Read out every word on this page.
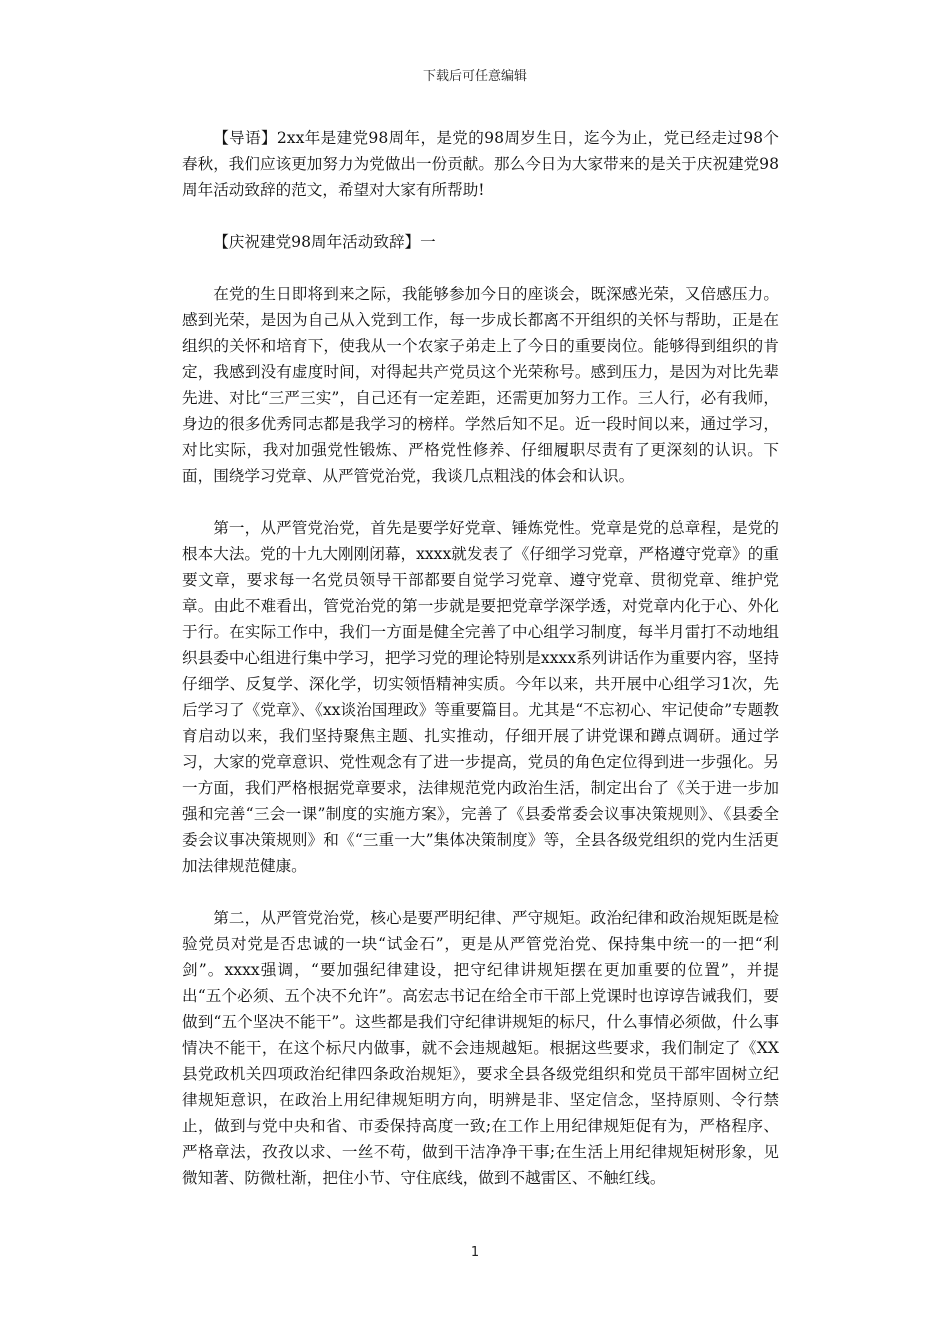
下载后可任意编辑

【导语】2xx年是建党98周年，是党的98周岁生日，迄今为止，党已经走过98个春秋，我们应该更加努力为党做出一份贡献。那么今日为大家带来的是关于庆祝建党98周年活动致辞的范文，希望对大家有所帮助!

【庆祝建党98周年活动致辞】一

在党的生日即将到来之际，我能够参加今日的座谈会，既深感光荣，又倍感压力。感到光荣，是因为自己从入党到工作，每一步成长都离不开组织的关怀与帮助，正是在组织的关怀和培育下，使我从一个农家子弟走上了今日的重要岗位。能够得到组织的肯定，我感到没有虚度时间，对得起共产党员这个光荣称号。感到压力，是因为对比先辈先进、对比“三严三实”，自己还有一定差距，还需更加努力工作。三人行，必有我师，身边的很多优秀同志都是我学习的榜样。学然后知不足。近一段时间以来，通过学习，对比实际，我对加强党性锻炼、严格党性修养、仔细履职尽责有了更深刻的认识。下面，围绕学习党章、从严管党治党，我谈几点粗浅的体会和认识。

第一，从严管党治党，首先是要学好党章、锤炼党性。党章是党的总章程，是党的根本大法。党的十九大刚刚闭幕，xxxx就发表了《仔细学习党章，严格遵守党章》的重要文章，要求每一名党员领导干部都要自觉学习党章、遵守党章、贯彻党章、维护党章。由此不难看出，管党治党的第一步就是要把党章学深学透，对党章内化于心、外化于行。在实际工作中，我们一方面是健全完善了中心组学习制度，每半月雷打不动地组织县委中心组进行集中学习，把学习党的理论特别是xxxx系列讲话作为重要内容，坚持仔细学、反复学、深化学，切实领悟精神实质。今年以来，共开展中心组学习1次，先后学习了《党章》、《xx谈治国理政》等重要篇目。尤其是“不忘初心、牢记使命”专题教育启动以来，我们坚持聚焦主题、扎实推动，仔细开展了讲党课和蹲点调研。通过学习，大家的党章意识、党性观念有了进一步提高，党员的角色定位得到进一步强化。另一方面，我们严格根据党章要求，法律规范党内政治生活，制定出台了《关于进一步加强和完善“三会一课”制度的实施方案》，完善了《县委常委会议事决策规则》、《县委全委会议事决策规则》和《“三重一大”集体决策制度》等，全县各级党组织的党内生活更加法律规范健康。

第二，从严管党治党，核心是要严明纪律、严守规矩。政治纪律和政治规矩既是检验党员对党是否忠诚的一块“试金石”，更是从严管党治党、保持集中统一的一把“利剑”。xxxx强调，“要加强纪律建设，把守纪律讲规矩摆在更加重要的位置”，并提出“五个必须、五个决不允许”。高宏志书记在给全市干部上党课时也谆谆告诫我们，要做到“五个坚决不能干”。这些都是我们守纪律讲规矩的标尺，什么事情必须做，什么事情决不能干，在这个标尺内做事，就不会违规越矩。根据这些要求，我们制定了《XX县党政机关四项政治纪律四条政治规矩》，要求全县各级党组织和党员干部牢固树立纪律规矩意识，在政治上用纪律规矩明方向，明辨是非、坚定信念，坚持原则、令行禁止，做到与党中央和省、市委保持高度一致;在工作上用纪律规矩促有为，严格程序、严格章法，孜孜以求、一丝不苟，做到干洁净净干事;在生活上用纪律规矩树形象，见微知著、防微杜渐，把住小节、守住底线，做到不越雷区、不触红线。

1
